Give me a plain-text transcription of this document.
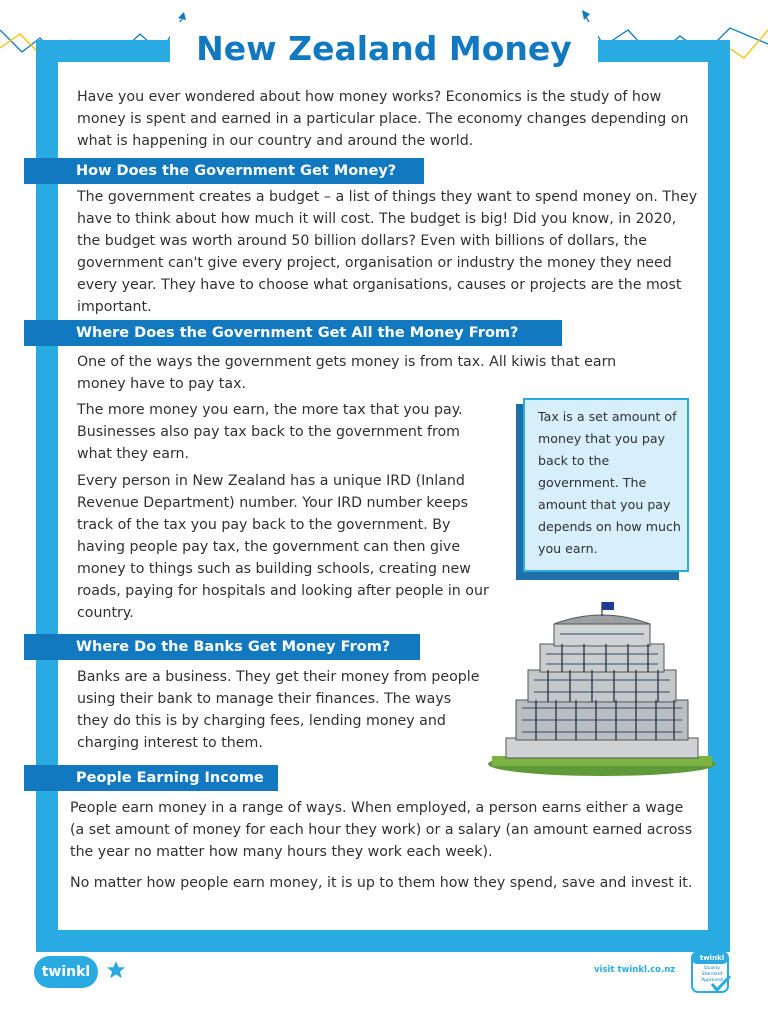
New Zealand Money

Have you ever wondered about how money works? Economics is the study of how money is spent and earned in a particular place. The economy changes depending on what is happening in our country and around the world.

How Does the Government Get Money?

The government creates a budget – a list of things they want to spend money on. They have to think about how much it will cost. The budget is big! Did you know, in 2020, the budget was worth around 50 billion dollars? Even with billions of dollars, the government can't give every project, organisation or industry the money they need every year. They have to choose what organisations, causes or projects are the most important.

Where Does the Government Get All the Money From?

One of the ways the government gets money is from tax. All kiwis that earn money have to pay tax.

The more money you earn, the more tax that you pay. Businesses also pay tax back to the government from what they earn.

Every person in New Zealand has a unique IRD (Inland Revenue Department) number. Your IRD number keeps track of the tax you pay back to the government. By having people pay tax, the government can then give money to things such as building schools, creating new roads, paying for hospitals and looking after people in our country.

Tax is a set amount of money that you pay back to the government. The amount that you pay depends on how much you earn.
Where Do the Banks Get Money From?

Banks are a business. They get their money from people using their bank to manage their finances. The ways they do this is by charging fees, lending money and charging interest to them.

People Earning Income

People earn money in a range of ways. When employed, a person earns either a wage (a set amount of money for each hour they work) or a salary (an amount earned across the year no matter how many hours they work each week).

No matter how people earn money, it is up to them how they spend, save and invest it.

twinkl	visit twinkl.co.nz
twinkl
Quality Standard Approved
